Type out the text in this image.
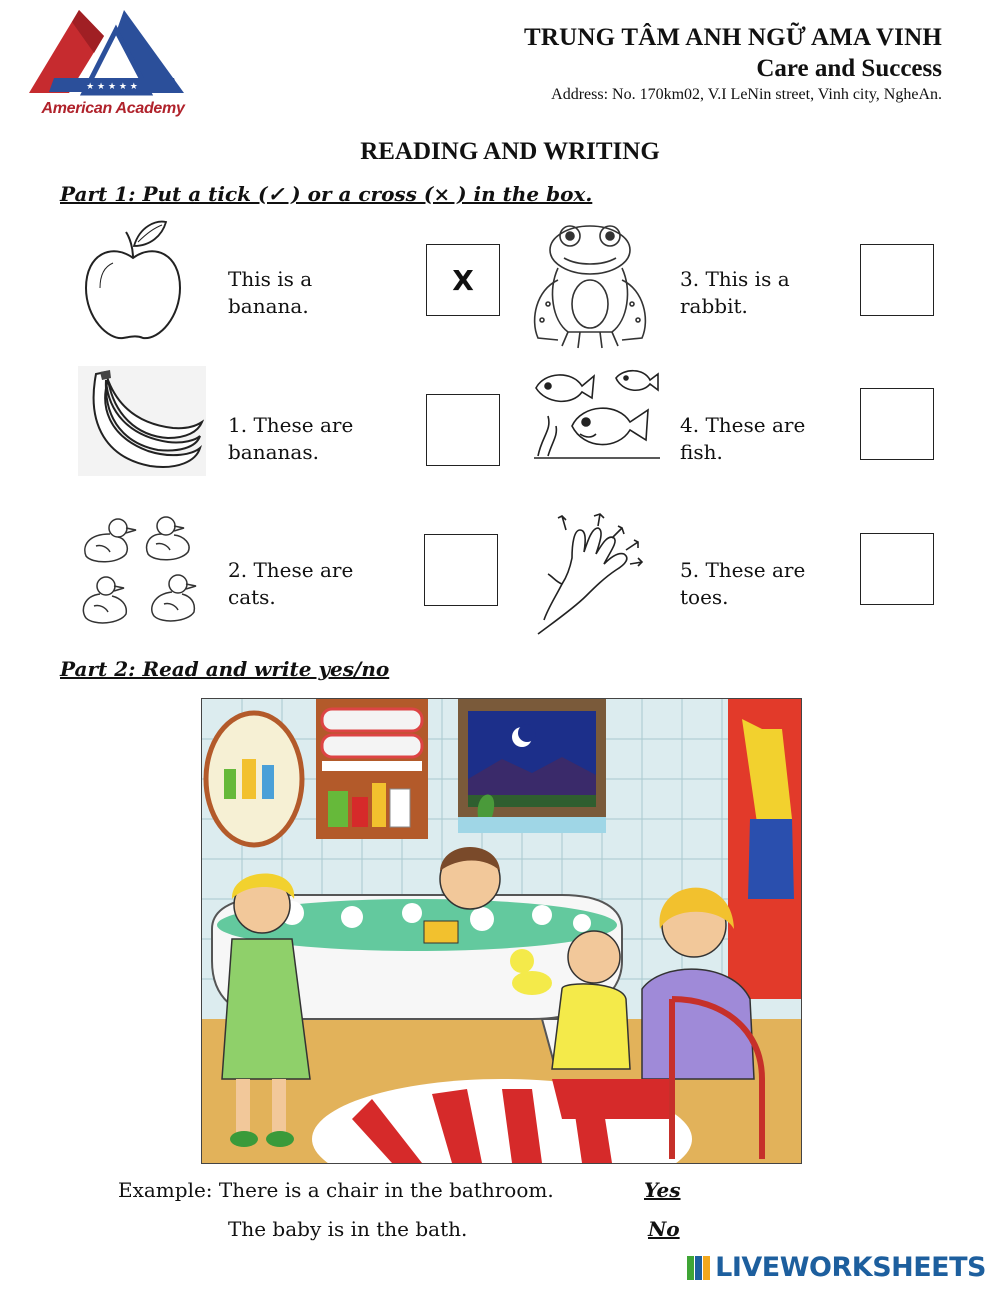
★ ★ ★ ★ ★
American Academy
TRUNG TÂM ANH NGỮ AMA VINH
Care and Success
Address: No. 170km02, V.I LeNin street, Vinh city, NgheAn.
READING AND WRITING
Part 1: Put a tick (✓ ) or a cross (× ) in the box.
This is a
banana.
X
1. These are
bananas.
2. These are
cats.
3. This is a
rabbit.
4. These are
fish.
5. These are
toes.
Part 2: Read and write yes/no
Example: There is a chair in the bathroom.	Yes
The baby is in the bath.	No
LIVEWORKSHEETS
